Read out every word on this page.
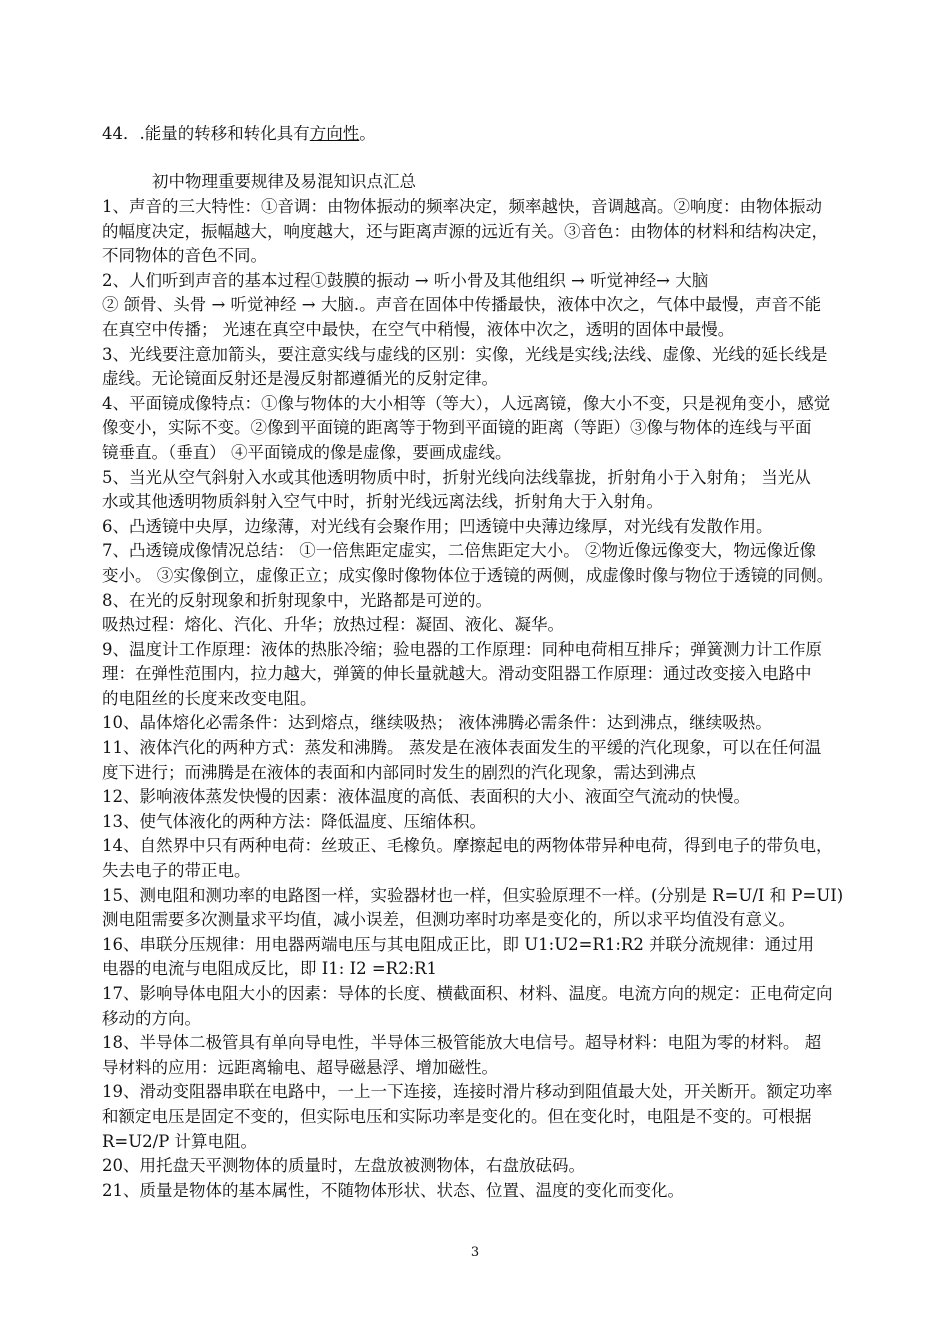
44．.能量的转移和转化具有方向性。
初中物理重要规律及易混知识点汇总
1、声音的三大特性：①音调：由物体振动的频率决定，频率越快，音调越高。②响度：由物体振动
的幅度决定，振幅越大，响度越大，还与距离声源的远近有关。③音色：由物体的材料和结构决定，
不同物体的音色不同。
2、人们听到声音的基本过程①鼓膜的振动 → 听小骨及其他组织 → 听觉神经→ 大脑
② 颌骨、头骨 → 听觉神经 → 大脑.。声音在固体中传播最快，液体中次之，气体中最慢，声音不能
在真空中传播； 光速在真空中最快，在空气中稍慢，液体中次之，透明的固体中最慢。
3、光线要注意加箭头，要注意实线与虚线的区别：实像，光线是实线;法线、虚像、光线的延长线是
虚线。无论镜面反射还是漫反射都遵循光的反射定律。
4、平面镜成像特点：①像与物体的大小相等（等大），人远离镜，像大小不变，只是视角变小，感觉
像变小，实际不变。②像到平面镜的距离等于物到平面镜的距离（等距）③像与物体的连线与平面
镜垂直。（垂直） ④平面镜成的像是虚像，要画成虚线。
5、当光从空气斜射入水或其他透明物质中时，折射光线向法线靠拢，折射角小于入射角； 当光从
水或其他透明物质斜射入空气中时，折射光线远离法线，折射角大于入射角。
6、凸透镜中央厚，边缘薄，对光线有会聚作用；凹透镜中央薄边缘厚，对光线有发散作用。
7、凸透镜成像情况总结： ①一倍焦距定虚实，二倍焦距定大小。 ②物近像远像变大，物远像近像
变小。 ③实像倒立，虚像正立；成实像时像物体位于透镜的两侧，成虚像时像与物位于透镜的同侧。
8、在光的反射现象和折射现象中，光路都是可逆的。
吸热过程：熔化、汽化、升华；放热过程：凝固、液化、凝华。
9、温度计工作原理：液体的热胀冷缩；验电器的工作原理：同种电荷相互排斥；弹簧测力计工作原
理：在弹性范围内，拉力越大，弹簧的伸长量就越大。滑动变阻器工作原理：通过改变接入电路中
的电阻丝的长度来改变电阻。
10、晶体熔化必需条件：达到熔点，继续吸热； 液体沸腾必需条件：达到沸点，继续吸热。
11、液体汽化的两种方式：蒸发和沸腾。 蒸发是在液体表面发生的平缓的汽化现象，可以在任何温
度下进行；而沸腾是在液体的表面和内部同时发生的剧烈的汽化现象，需达到沸点
12、影响液体蒸发快慢的因素：液体温度的高低、表面积的大小、液面空气流动的快慢。
13、使气体液化的两种方法：降低温度、压缩体积。
14、自然界中只有两种电荷：丝玻正、毛橡负。摩擦起电的两物体带异种电荷，得到电子的带负电，
失去电子的带正电。
15、测电阻和测功率的电路图一样，实验器材也一样，但实验原理不一样。(分别是 R=U/I 和 P=UI)
测电阻需要多次测量求平均值，减小误差，但测功率时功率是变化的，所以求平均值没有意义。
16、串联分压规律：用电器两端电压与其电阻成正比，即 U1:U2=R1:R2 并联分流规律：通过用
电器的电流与电阻成反比，即 I1: I2 =R2:R1
17、影响导体电阻大小的因素：导体的长度、横截面积、材料、温度。电流方向的规定：正电荷定向
移动的方向。
18、半导体二极管具有单向导电性，半导体三极管能放大电信号。超导材料：电阻为零的材料。 超
导材料的应用：远距离输电、超导磁悬浮、增加磁性。
19、滑动变阻器串联在电路中，一上一下连接，连接时滑片移动到阻值最大处，开关断开。额定功率
和额定电压是固定不变的，但实际电压和实际功率是变化的。但在变化时，电阻是不变的。可根据
R=U2/P 计算电阻。
20、用托盘天平测物体的质量时，左盘放被测物体，右盘放砝码。
21、质量是物体的基本属性，不随物体形状、状态、位置、温度的变化而变化。
3
